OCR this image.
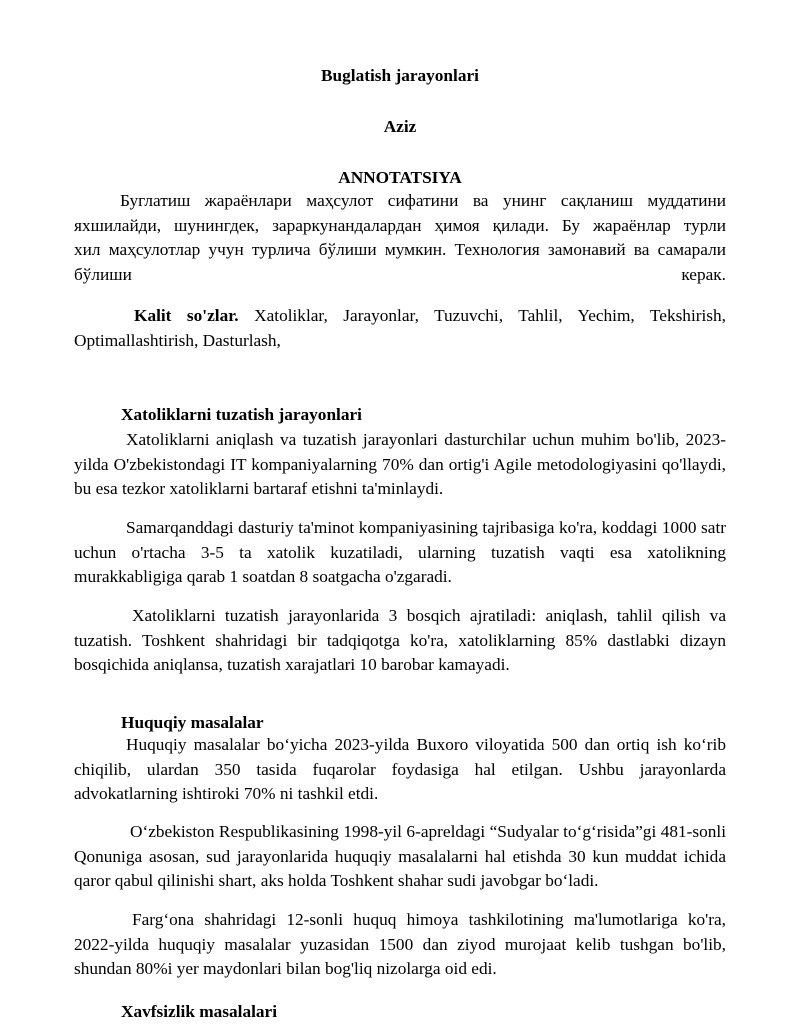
Buglatish jarayonlari
Aziz
ANNOTATSIYA
Буглатиш жараёнлари маҳсулот сифатини ва унинг сақланиш муддатини
яхшилайди, шунингдек, зараркунандалардан ҳимоя қилади. Бу жараёнлар турли
хил маҳсулотлар учун турлича бўлиши мумкин. Технология замонавий ва самарали
бўлиши	керак.
Kalit so'zlar. Xatoliklar, Jarayonlar, Tuzuvchi, Tahlil, Yechim, Tekshirish, Optimallashtirish, Dasturlash,
Xatoliklarni tuzatish jarayonlari
Xatoliklarni aniqlash va tuzatish jarayonlari dasturchilar uchun muhim bo'lib, 2023-yilda O'zbekistondagi IT kompaniyalarning 70% dan ortig'i Agile metodologiyasini qo'llaydi, bu esa tezkor xatoliklarni bartaraf etishni ta'minlaydi.
Samarqanddagi dasturiy ta'minot kompaniyasining tajribasiga ko'ra, koddagi 1000 satr uchun o'rtacha 3-5 ta xatolik kuzatiladi, ularning tuzatish vaqti esa xatolikning murakkabligiga qarab 1 soatdan 8 soatgacha o'zgaradi.
Xatoliklarni tuzatish jarayonlarida 3 bosqich ajratiladi: aniqlash, tahlil qilish va tuzatish. Toshkent shahridagi bir tadqiqotga ko'ra, xatoliklarning 85% dastlabki dizayn bosqichida aniqlansa, tuzatish xarajatlari 10 barobar kamayadi.
Huquqiy masalalar
Huquqiy masalalar bo‘yicha 2023-yilda Buxoro viloyatida 500 dan ortiq ish ko‘rib chiqilib, ulardan 350 tasida fuqarolar foydasiga hal etilgan. Ushbu jarayonlarda advokatlarning ishtiroki 70% ni tashkil etdi.
O‘zbekiston Respublikasining 1998-yil 6-apreldagi “Sudyalar to‘g‘risida”gi 481-sonli Qonuniga asosan, sud jarayonlarida huquqiy masalalarni hal etishda 30 kun muddat ichida qaror qabul qilinishi shart, aks holda Toshkent shahar sudi javobgar bo‘ladi.
Farg‘ona shahridagi 12-sonli huquq himoya tashkilotining ma'lumotlariga ko'ra, 2022-yilda huquqiy masalalar yuzasidan 1500 dan ziyod murojaat kelib tushgan bo'lib, shundan 80%i yer maydonlari bilan bog'liq nizolarga oid edi.
Xavfsizlik masalalari
